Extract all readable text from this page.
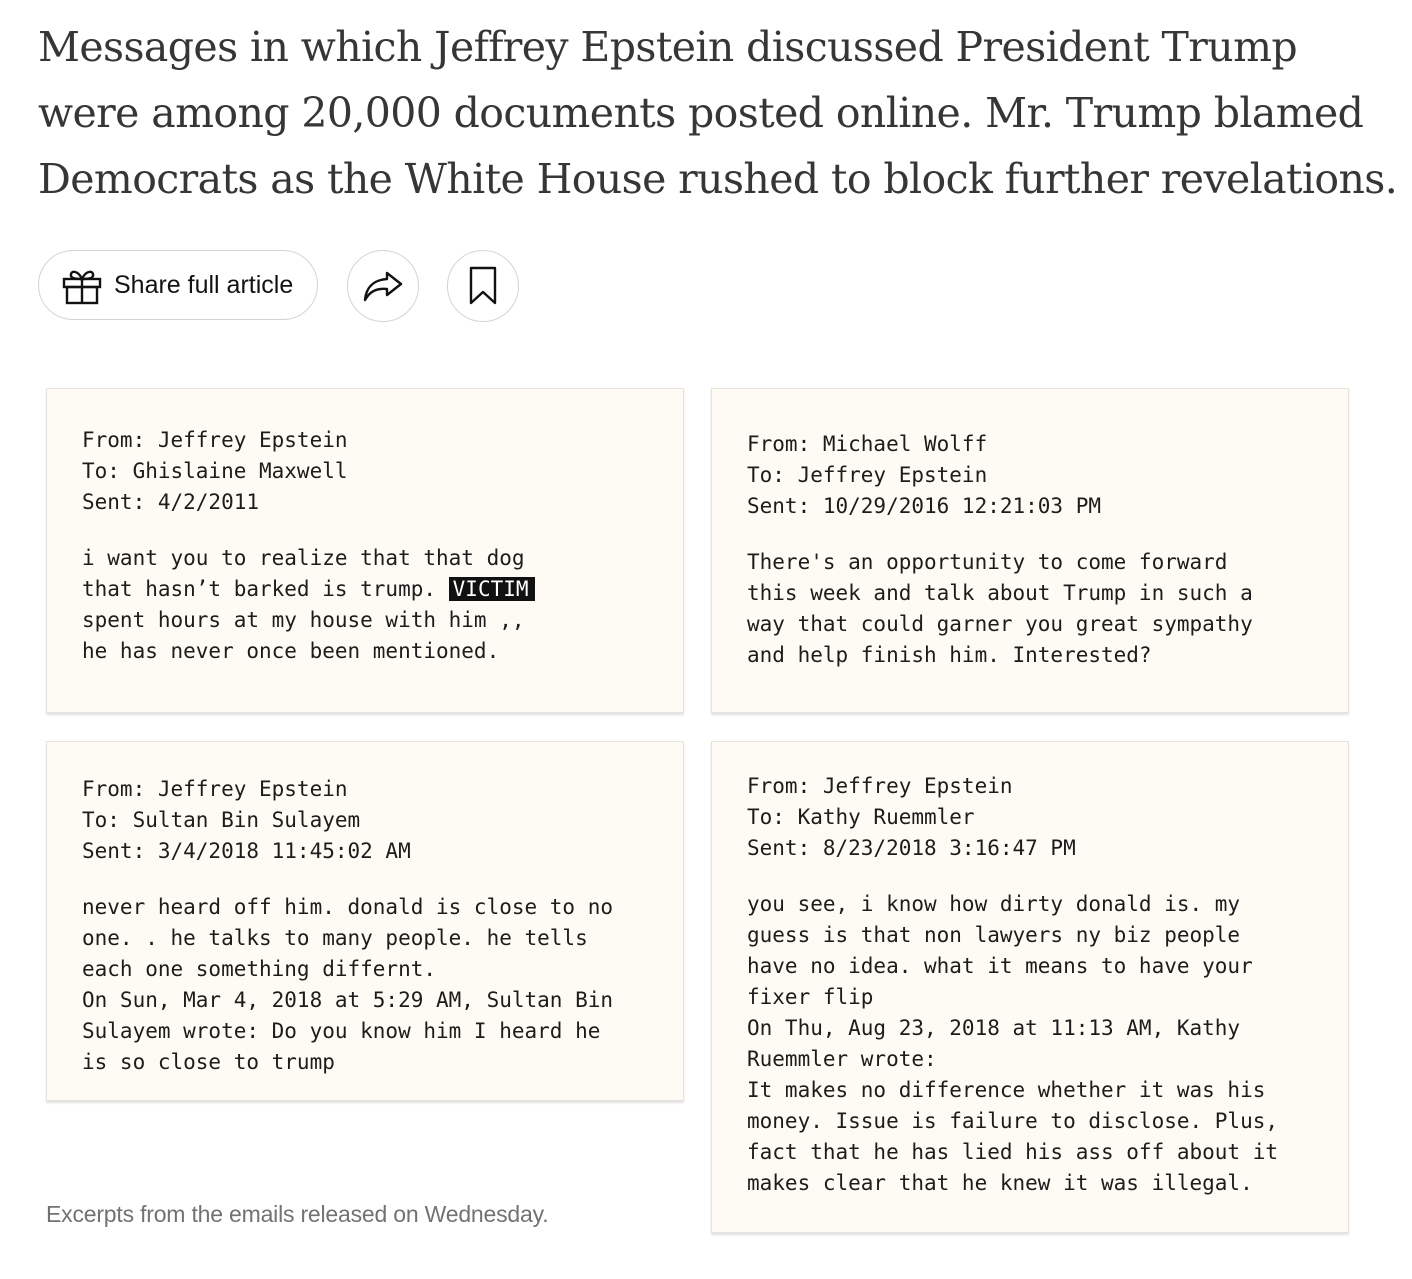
Messages in which Jeffrey Epstein discussed President Trump
were among 20,000 documents posted online. Mr. Trump blamed
Democrats as the White House rushed to block further revelations.

Share full article
From: Jeffrey Epstein
To: Ghislaine Maxwell
Sent: 4/2/2011
i want you to realize that that dog
that hasn’t barked is trump. VICTIM
spent hours at my house with him ,,
he has never once been mentioned.
From: Michael Wolff
To: Jeffrey Epstein
Sent: 10/29/2016 12:21:03 PM
There's an opportunity to come forward
this week and talk about Trump in such a
way that could garner you great sympathy
and help finish him. Interested?
From: Jeffrey Epstein
To: Sultan Bin Sulayem
Sent: 3/4/2018 11:45:02 AM
never heard off him. donald is close to no
one. . he talks to many people. he tells
each one something differnt.
On Sun, Mar 4, 2018 at 5:29 AM, Sultan Bin
Sulayem wrote: Do you know him I heard he
is so close to trump
From: Jeffrey Epstein
To: Kathy Ruemmler
Sent: 8/23/2018 3:16:47 PM
you see, i know how dirty donald is. my
guess is that non lawyers ny biz people
have no idea. what it means to have your
fixer flip
On Thu, Aug 23, 2018 at 11:13 AM, Kathy
Ruemmler wrote:
It makes no difference whether it was his
money. Issue is failure to disclose. Plus,
fact that he has lied his ass off about it
makes clear that he knew it was illegal.
Excerpts from the emails released on Wednesday.
